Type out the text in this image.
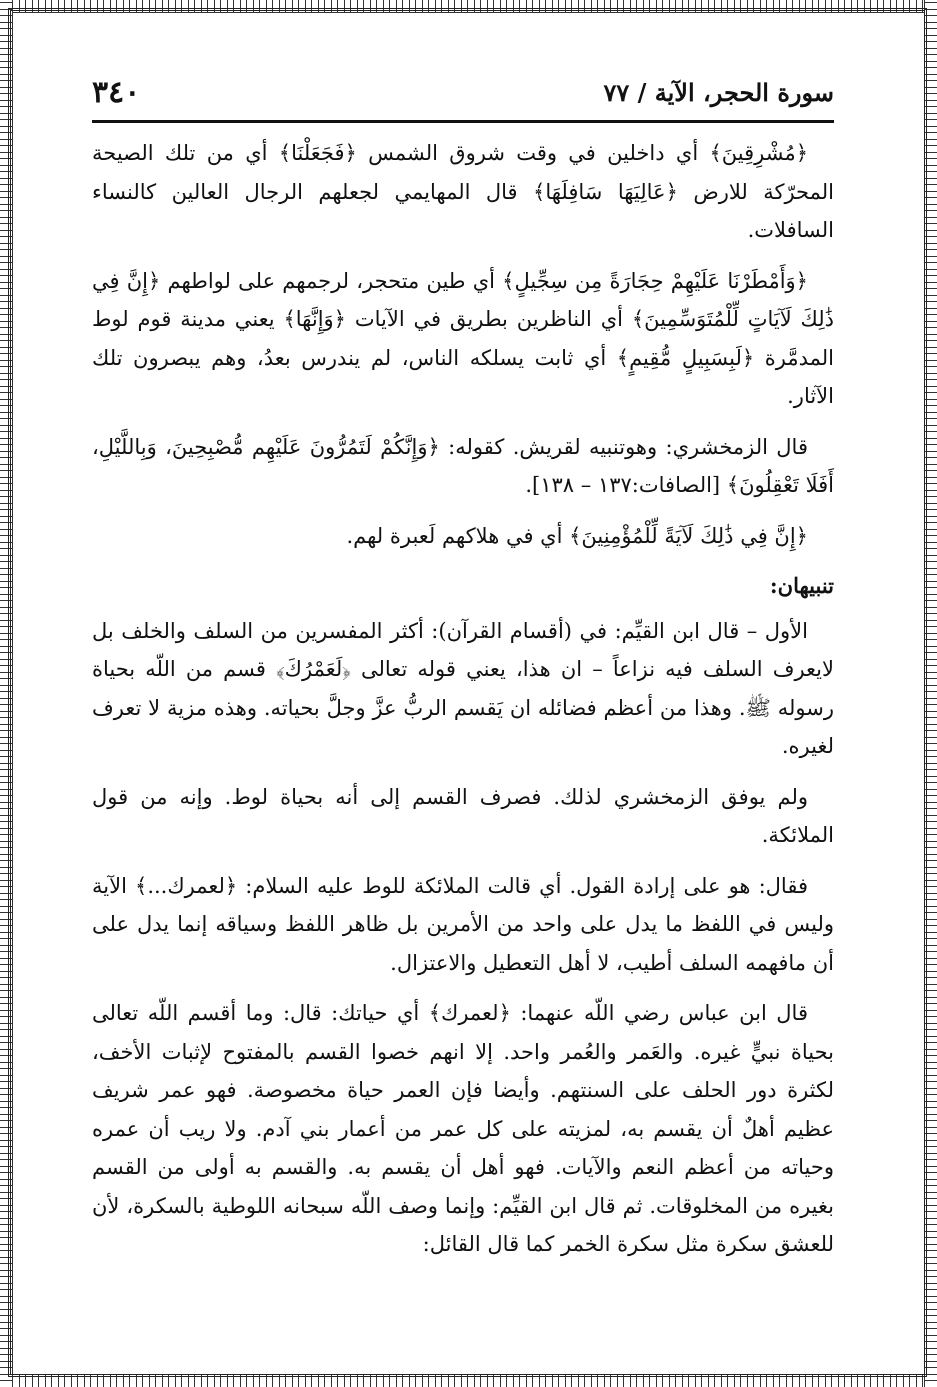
٣٤٠	سورة الحجر، الآية / ٧٧

﴿مُشْرِقِينَ﴾ أي داخلين في وقت شروق الشمس ﴿فَجَعَلْنَا﴾ أي من تلك الصيحة المحرّكة للارض ﴿عَالِيَهَا سَافِلَهَا﴾ قال المهايمي لجعلهم الرجال العالين كالنساء السافلات.

﴿وَأَمْطَرْنَا عَلَيْهِمْ حِجَارَةً مِن سِجِّيلٍ﴾ أي طين متحجر، لرجمهم على لواطهم ﴿إِنَّ فِي ذَٰلِكَ لَآيَاتٍ لِّلْمُتَوَسِّمِينَ﴾ أي الناظرين بطريق في الآيات ﴿وَإِنَّهَا﴾ يعني مدينة قوم لوط المدمَّرة ﴿لَبِسَبِيلٍ مُّقِيمٍ﴾ أي ثابت يسلكه الناس، لم يندرس بعدُ، وهم يبصرون تلك الآثار.

قال الزمخشري: وهوتنبيه لقريش. كقوله: ﴿وَإِنَّكُمْ لَتَمُرُّونَ عَلَيْهِم مُّصْبِحِينَ، وَبِاللَّيْلِ، أَفَلَا تَعْقِلُونَ﴾ [الصافات:١٣٧ – ١٣٨].

﴿إِنَّ فِي ذَٰلِكَ لَآيَةً لِّلْمُؤْمِنِينَ﴾ أي في هلاكهم لَعبرة لهم.

تنبيهان:

الأول – قال ابن القيِّم: في (أقسام القرآن): أكثر المفسرين من السلف والخلف بل لايعرف السلف فيه نزاعاً – ان هذا، يعني قوله تعالى ﴿لَعَمْرُكَ﴾ قسم من اللّه بحياة رسوله ﷺ. وهذا من أعظم فضائله ان يَقسم الربُّ عزَّ وجلَّ بحياته. وهذه مزية لا تعرف لغيره.

ولم يوفق الزمخشري لذلك. فصرف القسم إلى أنه بحياة لوط. وإنه من قول الملائكة.

فقال: هو على إرادة القول. أي قالت الملائكة للوط عليه السلام: ﴿لعمرك...﴾ الآية وليس في اللفظ ما يدل على واحد من الأمرين بل ظاهر اللفظ وسياقه إنما يدل على أن مافهمه السلف أطيب، لا أهل التعطيل والاعتزال.

قال ابن عباس رضي اللّه عنهما: ﴿لعمرك﴾ أي حياتك: قال: وما أقسم اللّه تعالى بحياة نبيٍّ غيره. والعَمر والعُمر واحد. إلا انهم خصوا القسم بالمفتوح لإثبات الأخف، لكثرة دور الحلف على السنتهم. وأيضا فإن العمر حياة مخصوصة. فهو عمر شريف عظيم أهلٌ أن يقسم به، لمزيته على كل عمر من أعمار بني آدم. ولا ريب أن عمره وحياته من أعظم النعم والآيات. فهو أهل أن يقسم به. والقسم به أولى من القسم بغيره من المخلوقات. ثم قال ابن القيِّم: وإنما وصف اللّه سبحانه اللوطية بالسكرة، لأن للعشق سكرة مثل سكرة الخمر كما قال القائل:
